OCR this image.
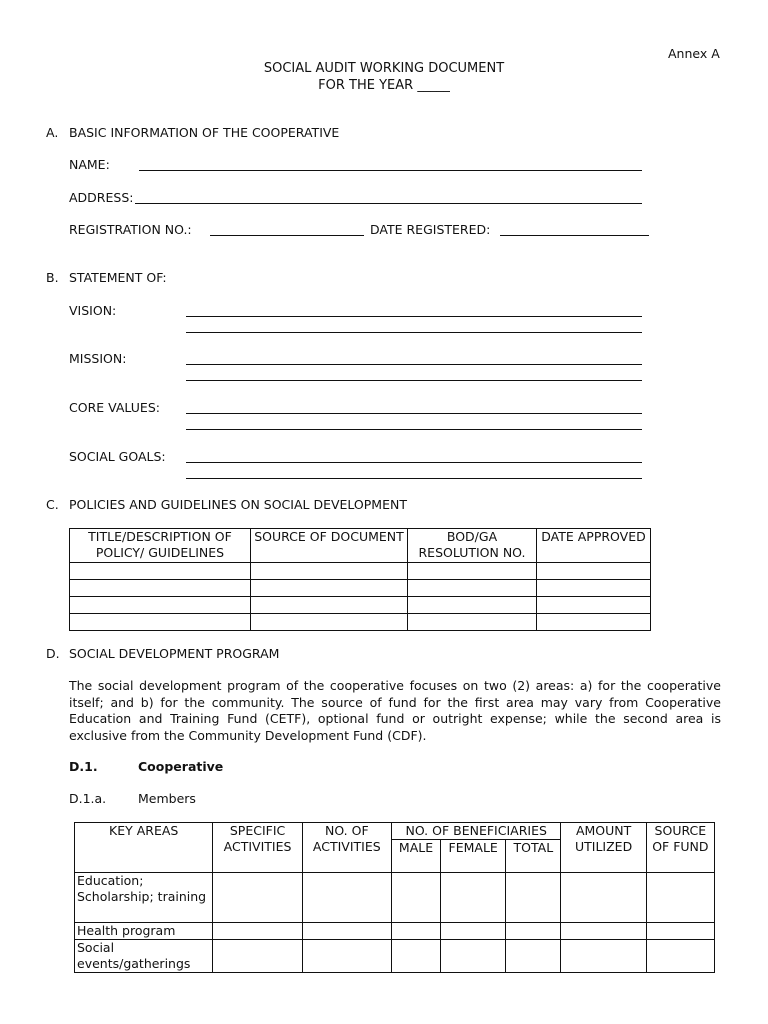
Annex A
SOCIAL AUDIT WORKING DOCUMENT
FOR THE YEAR _____
A. BASIC INFORMATION OF THE COOPERATIVE
NAME:
ADDRESS:
REGISTRATION NO.:	DATE REGISTERED:
B. STATEMENT OF:
VISION:
MISSION:
CORE VALUES:
SOCIAL GOALS:
C. POLICIES AND GUIDELINES ON SOCIAL DEVELOPMENT
TITLE/DESCRIPTION OF POLICY/ GUIDELINES	SOURCE OF DOCUMENT	BOD/GA RESOLUTION NO.	DATE APPROVED

D. SOCIAL DEVELOPMENT PROGRAM
The social development program of the cooperative focuses on two (2) areas: a) for the cooperative itself; and b) for the community. The source of fund for the first area may vary from Cooperative Education and Training Fund (CETF), optional fund or outright expense; while the second area is exclusive from the Community Development Fund (CDF).
D.1.	Cooperative
D.1.a.	Members
KEY AREAS	SPECIFIC ACTIVITIES	NO. OF ACTIVITIES	NO. OF BENEFICIARIES			AMOUNT UTILIZED	SOURCE OF FUND
			MALE	FEMALE	TOTAL		
Education; Scholarship; training							
Health program							
Social events/gatherings							
